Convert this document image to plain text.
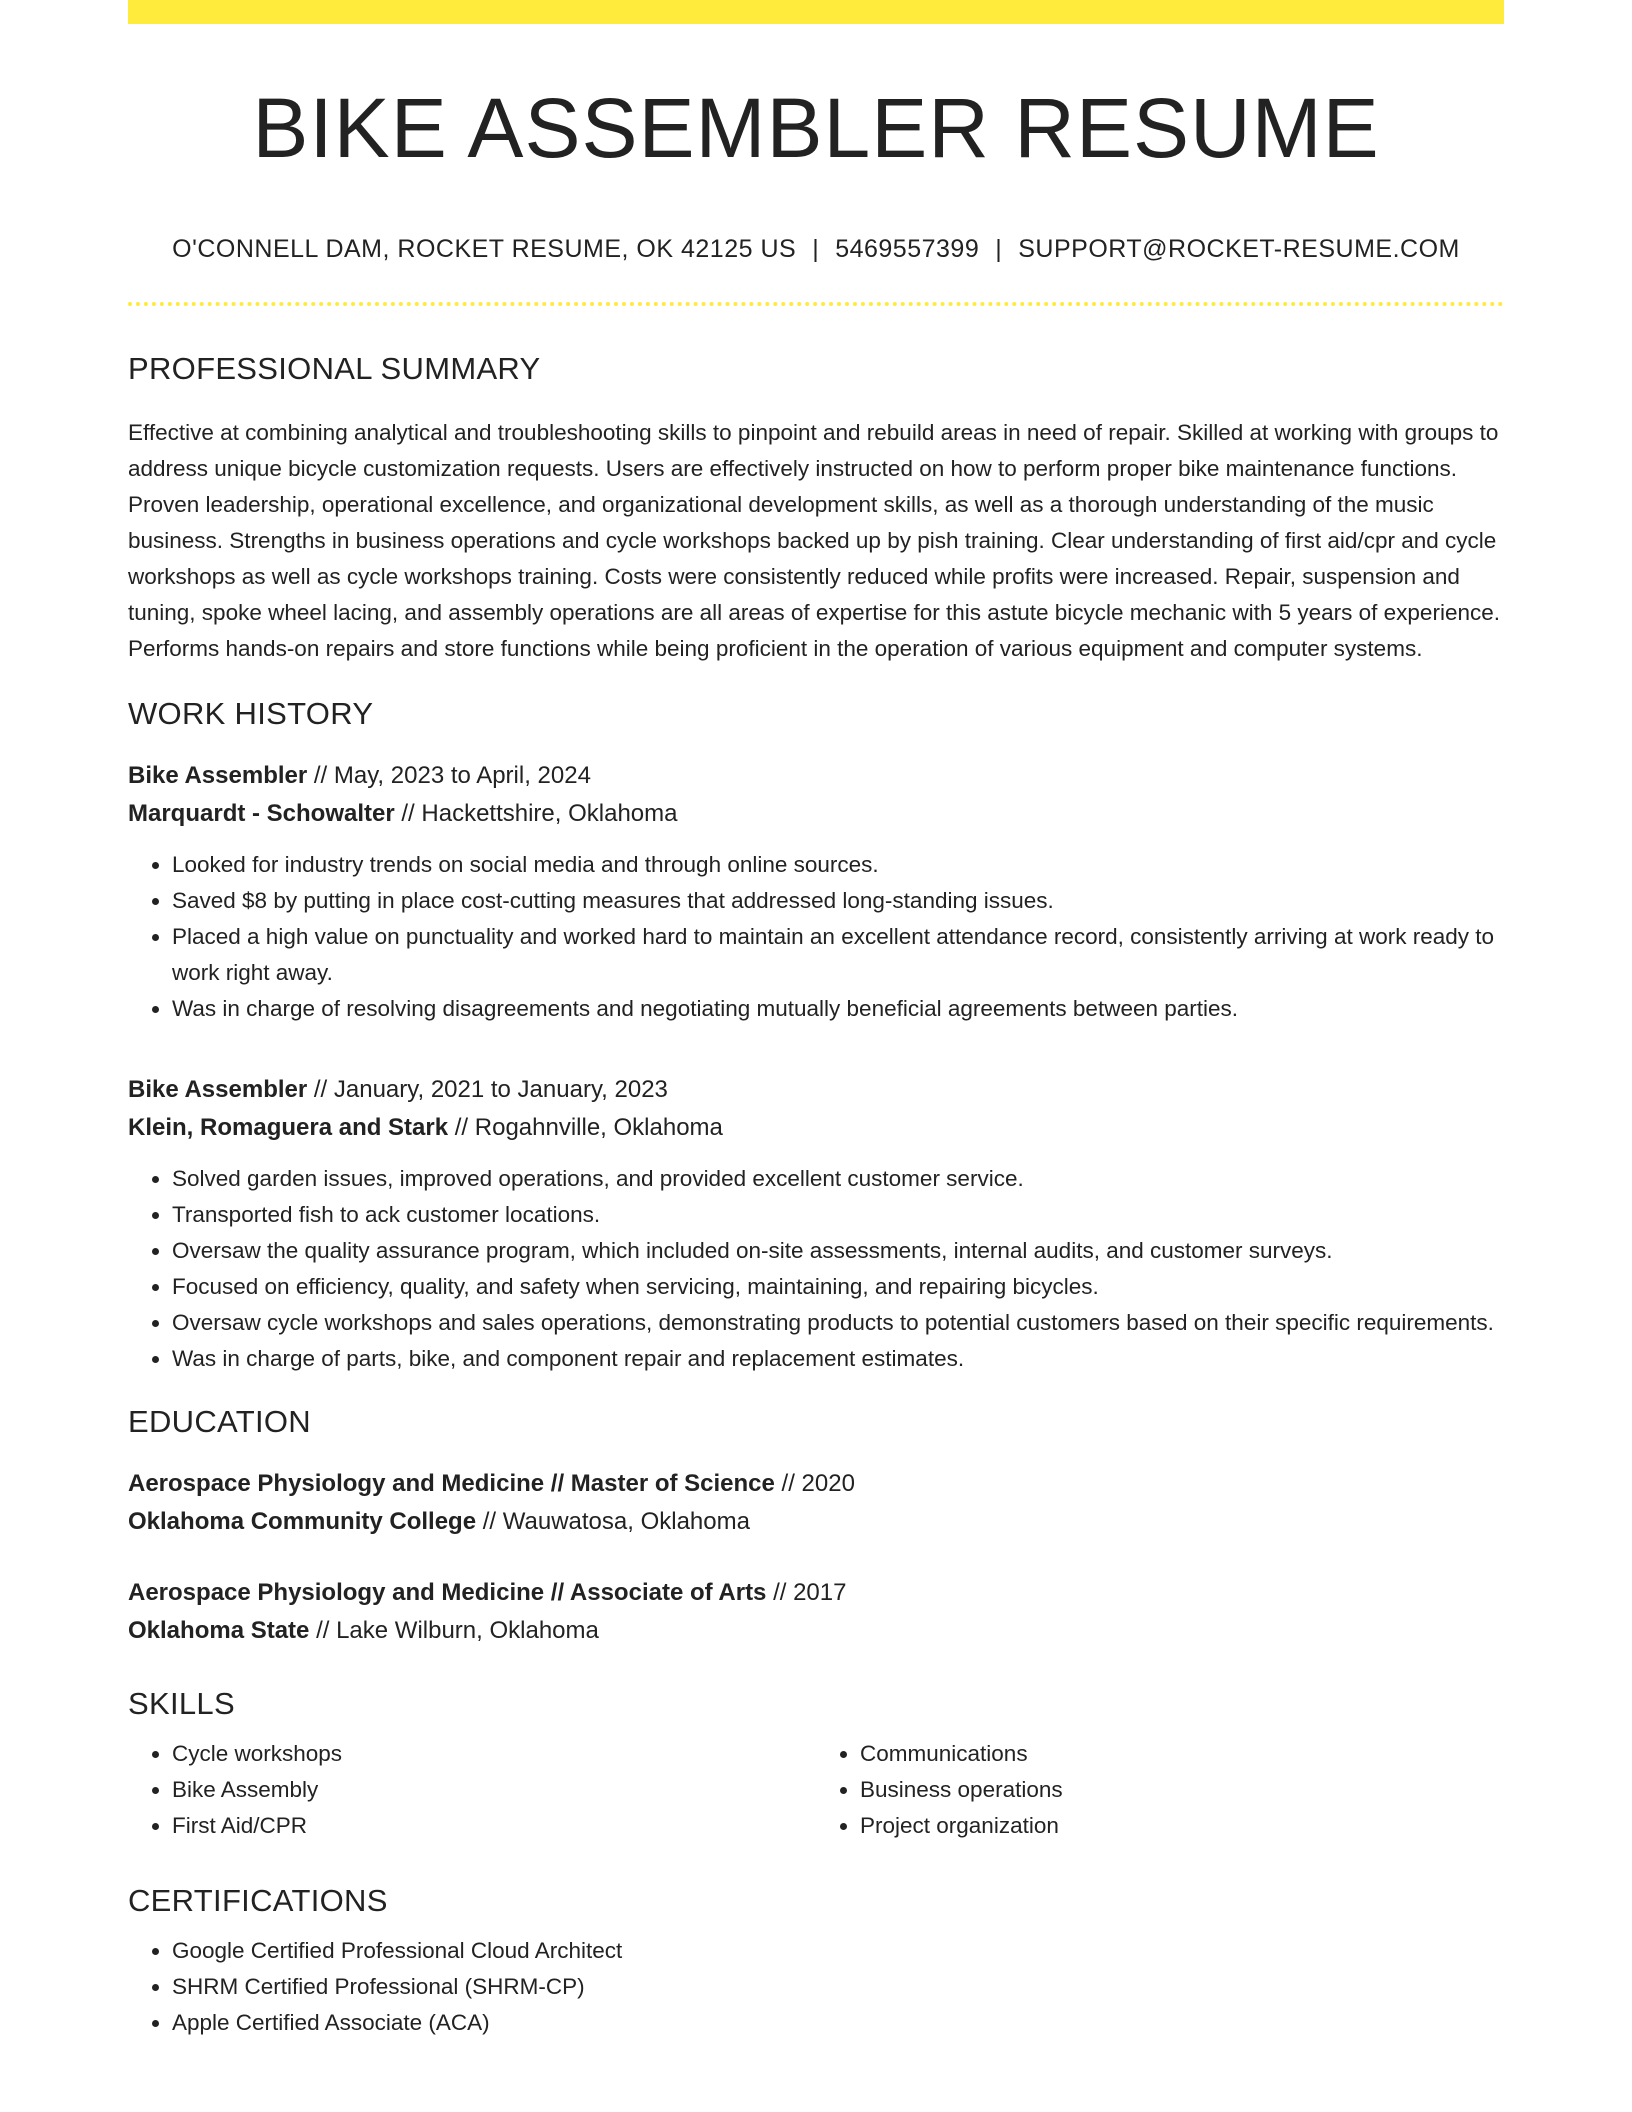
BIKE ASSEMBLER RESUME
O'CONNELL DAM, ROCKET RESUME, OK 42125 US | 5469557399 | SUPPORT@ROCKET-RESUME.COM
PROFESSIONAL SUMMARY
Effective at combining analytical and troubleshooting skills to pinpoint and rebuild areas in need of repair. Skilled at working with groups to address unique bicycle customization requests. Users are effectively instructed on how to perform proper bike maintenance functions. Proven leadership, operational excellence, and organizational development skills, as well as a thorough understanding of the music business. Strengths in business operations and cycle workshops backed up by pish training. Clear understanding of first aid/cpr and cycle workshops as well as cycle workshops training. Costs were consistently reduced while profits were increased. Repair, suspension and tuning, spoke wheel lacing, and assembly operations are all areas of expertise for this astute bicycle mechanic with 5 years of experience. Performs hands-on repairs and store functions while being proficient in the operation of various equipment and computer systems.
WORK HISTORY
Bike Assembler // May, 2023 to April, 2024
Marquardt - Schowalter // Hackettshire, Oklahoma
• Looked for industry trends on social media and through online sources.
• Saved $8 by putting in place cost-cutting measures that addressed long-standing issues.
• Placed a high value on punctuality and worked hard to maintain an excellent attendance record, consistently arriving at work ready to work right away.
• Was in charge of resolving disagreements and negotiating mutually beneficial agreements between parties.
Bike Assembler // January, 2021 to January, 2023
Klein, Romaguera and Stark // Rogahnville, Oklahoma
• Solved garden issues, improved operations, and provided excellent customer service.
• Transported fish to ack customer locations.
• Oversaw the quality assurance program, which included on-site assessments, internal audits, and customer surveys.
• Focused on efficiency, quality, and safety when servicing, maintaining, and repairing bicycles.
• Oversaw cycle workshops and sales operations, demonstrating products to potential customers based on their specific requirements.
• Was in charge of parts, bike, and component repair and replacement estimates.
EDUCATION
Aerospace Physiology and Medicine // Master of Science // 2020
Oklahoma Community College // Wauwatosa, Oklahoma
Aerospace Physiology and Medicine // Associate of Arts // 2017
Oklahoma State // Lake Wilburn, Oklahoma
SKILLS
• Cycle workshops
• Bike Assembly
• First Aid/CPR
• Communications
• Business operations
• Project organization
CERTIFICATIONS
• Google Certified Professional Cloud Architect
• SHRM Certified Professional (SHRM-CP)
• Apple Certified Associate (ACA)
